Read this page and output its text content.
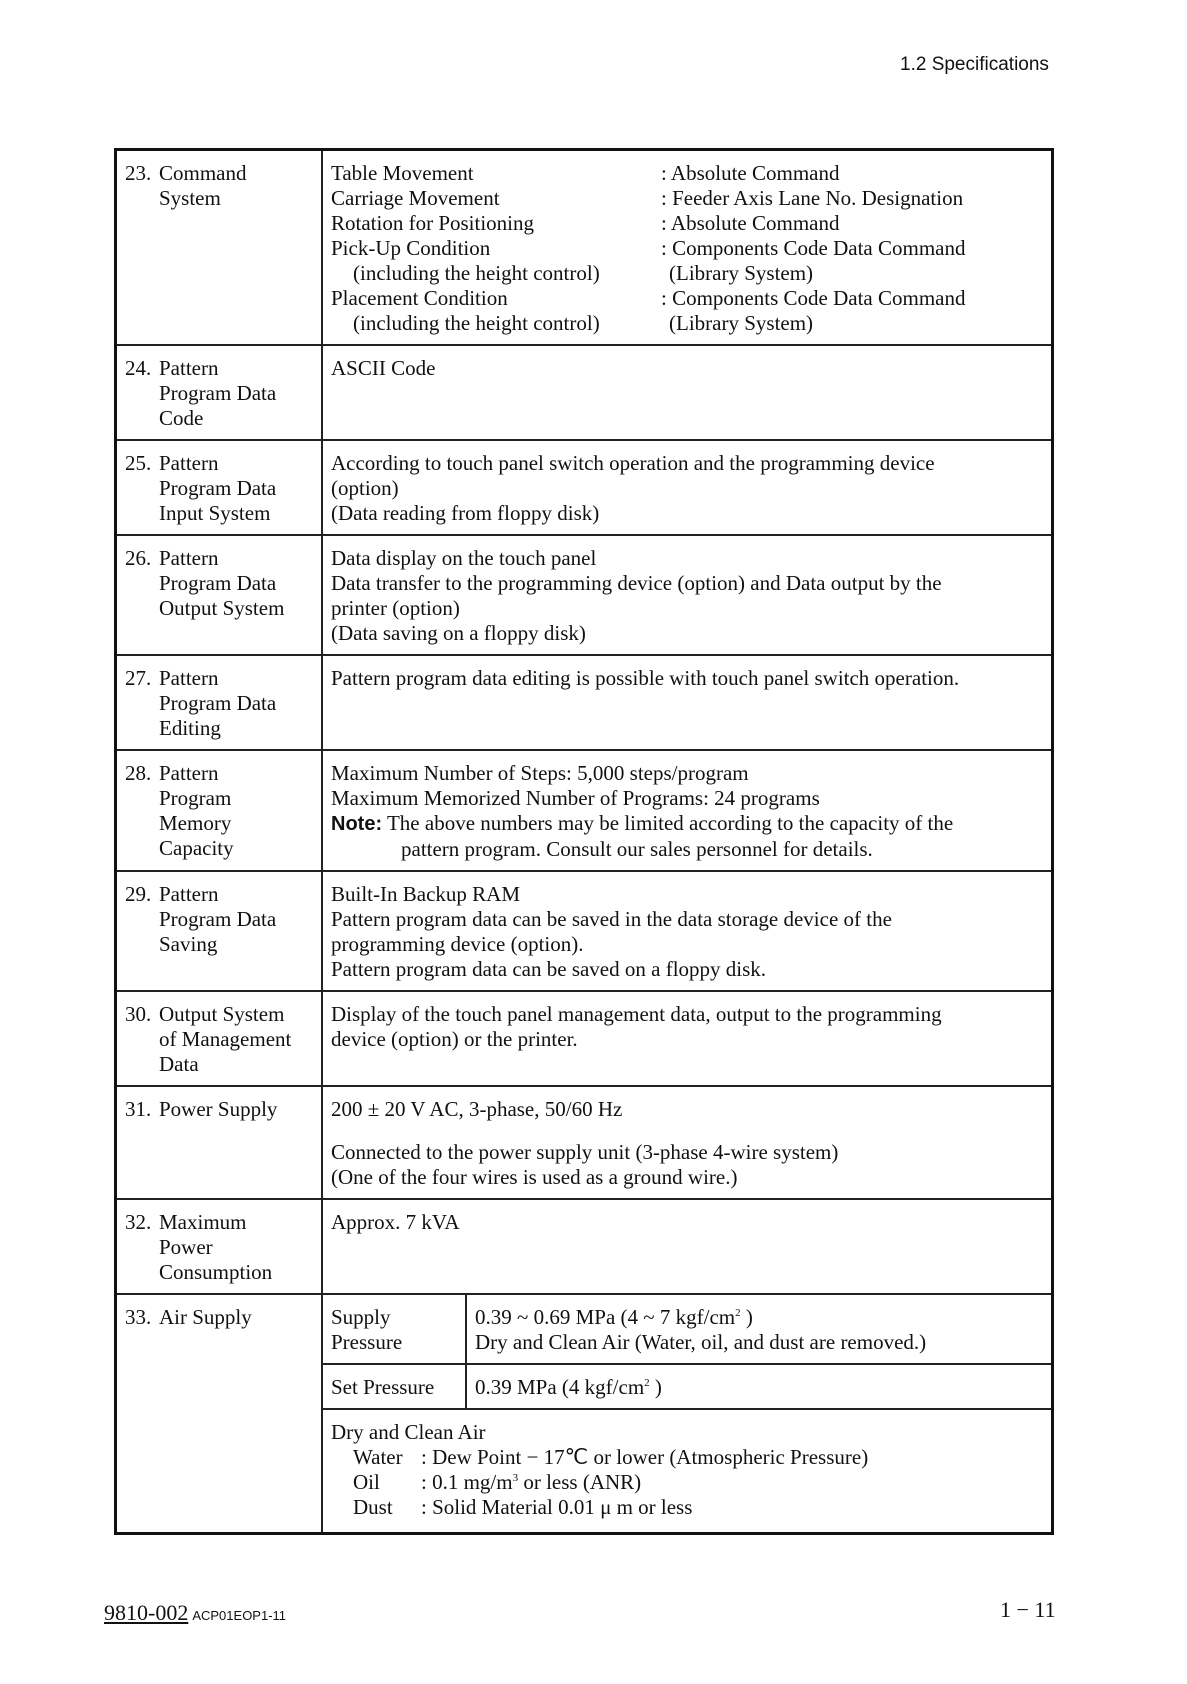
1.2 Specifications
23. Command
System

Table Movement	: Absolute Command
Carriage Movement	: Feeder Axis Lane No. Designation
Rotation for Positioning	: Absolute Command
Pick-Up Condition	: Components Code Data Command
(including the height control)	(Library System)
Placement Condition	: Components Code Data Command
(including the height control)	(Library System)

24. Pattern
Program Data
Code

ASCII Code

25. Pattern
Program Data
Input System

According to touch panel switch operation and the programming device
(option)
(Data reading from floppy disk)

26. Pattern
Program Data
Output System

Data display on the touch panel
Data transfer to the programming device (option) and Data output by the
printer (option)
(Data saving on a floppy disk)

27. Pattern
Program Data
Editing

Pattern program data editing is possible with touch panel switch operation.

28. Pattern
Program
Memory
Capacity

Maximum Number of Steps: 5,000 steps/program
Maximum Memorized Number of Programs: 24 programs
Note: The above numbers may be limited according to the capacity of the
pattern program. Consult our sales personnel for details.

29. Pattern
Program Data
Saving

Built-In Backup RAM
Pattern program data can be saved in the data storage device of the
programming device (option).
Pattern program data can be saved on a floppy disk.

30. Output System
of Management
Data

Display of the touch panel management data, output to the programming
device (option) or the printer.

31. Power Supply	200 ± 20 V AC, 3-phase, 50/60 Hz
Connected to the power supply unit (3-phase 4-wire system)
(One of the four wires is used as a ground wire.)

32. Maximum
Power
Consumption

Approx. 7 kVA

33. Air Supply
		Supply
Pressure

0.39 ~ 0.69 MPa (4 ~ 7 kgf/$cm^2$ )
Dry and Clean Air (Water, oil, and dust are removed.)

Set Pressure	0.39 MPa (4 kgf/$cm^2$ )

Dry and Clean Air
Water : Dew Point − 17℃ or lower (Atmospheric Pressure)
Oil : 0.1 $mg/m^3$ or less (ANR)
Dust : Solid Material 0.01 μ m or less
9810-002 ACP01EOP1-11	1 − 11
